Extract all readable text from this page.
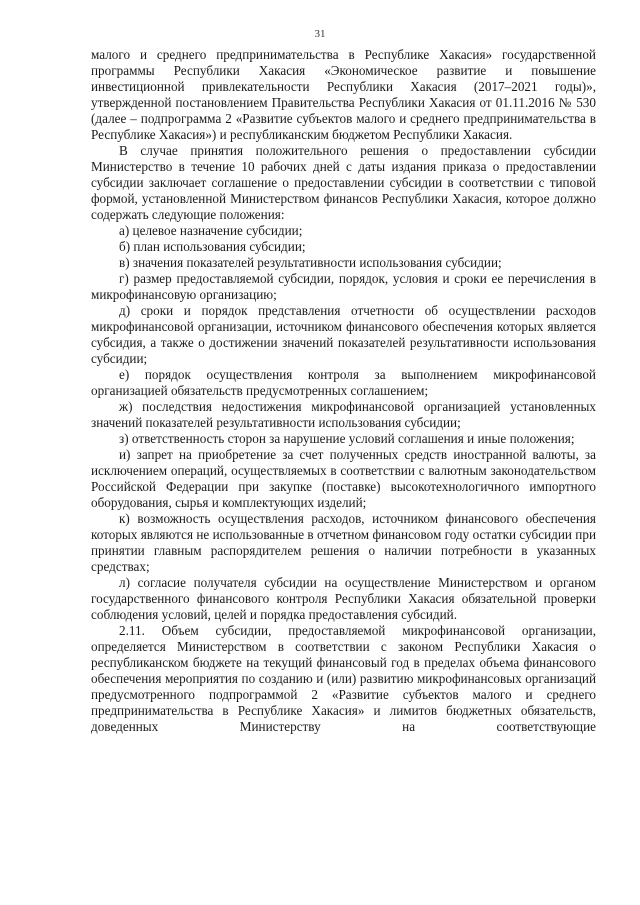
31

малого и среднего предпринимательства в Республике Хакасия» государственной программы Республики Хакасия «Экономическое развитие и повышение инвестиционной привлекательности Республики Хакасия (2017–2021 годы)», утвержденной постановлением Правительства Республики Хакасия от 01.11.2016 № 530 (далее – подпрограмма 2 «Развитие субъектов малого и среднего предпринимательства в Республике Хакасия») и республиканским бюджетом Республики Хакасия.

В случае принятия положительного решения о предоставлении субсидии Министерство в течение 10 рабочих дней с даты издания приказа о предоставлении субсидии заключает соглашение о предоставлении субсидии в соответствии с типовой формой, установленной Министерством финансов Республики Хакасия, которое должно содержать следующие положения:

а) целевое назначение субсидии;

б) план использования субсидии;

в) значения показателей результативности использования субсидии;

г) размер предоставляемой субсидии, порядок, условия и сроки ее перечисления в микрофинансовую организацию;

д) сроки и порядок представления отчетности об осуществлении расходов микрофинансовой организации, источником финансового обеспечения которых является субсидия, а также о достижении значений показателей результативности использования субсидии;

е) порядок осуществления контроля за выполнением микрофинансовой организацией обязательств предусмотренных соглашением;

ж) последствия недостижения микрофинансовой организацией установленных значений показателей результативности использования субсидии;

з) ответственность сторон за нарушение условий соглашения и иные положения;

и) запрет на приобретение за счет полученных средств иностранной валюты, за исключением операций, осуществляемых в соответствии с валютным законодательством Российской Федерации при закупке (поставке) высокотехнологичного импортного оборудования, сырья и комплектующих изделий;

к) возможность осуществления расходов, источником финансового обеспечения которых являются не использованные в отчетном финансовом году остатки субсидии при принятии главным распорядителем решения о наличии потребности в указанных средствах;

л) согласие получателя субсидии на осуществление Министерством и органом государственного финансового контроля Республики Хакасия обязательной проверки соблюдения условий, целей и порядка предоставления субсидий.

2.11. Объем субсидии, предоставляемой микрофинансовой организации, определяется Министерством в соответствии с законом Республики Хакасия о республиканском бюджете на текущий финансовый год в пределах объема финансового обеспечения мероприятия по созданию и (или) развитию микрофинансовых организаций предусмотренного подпрограммой 2 «Развитие субъектов малого и среднего предпринимательства в Республике Хакасия» и лимитов бюджетных обязательств, доведенных Министерству на соответствующие
